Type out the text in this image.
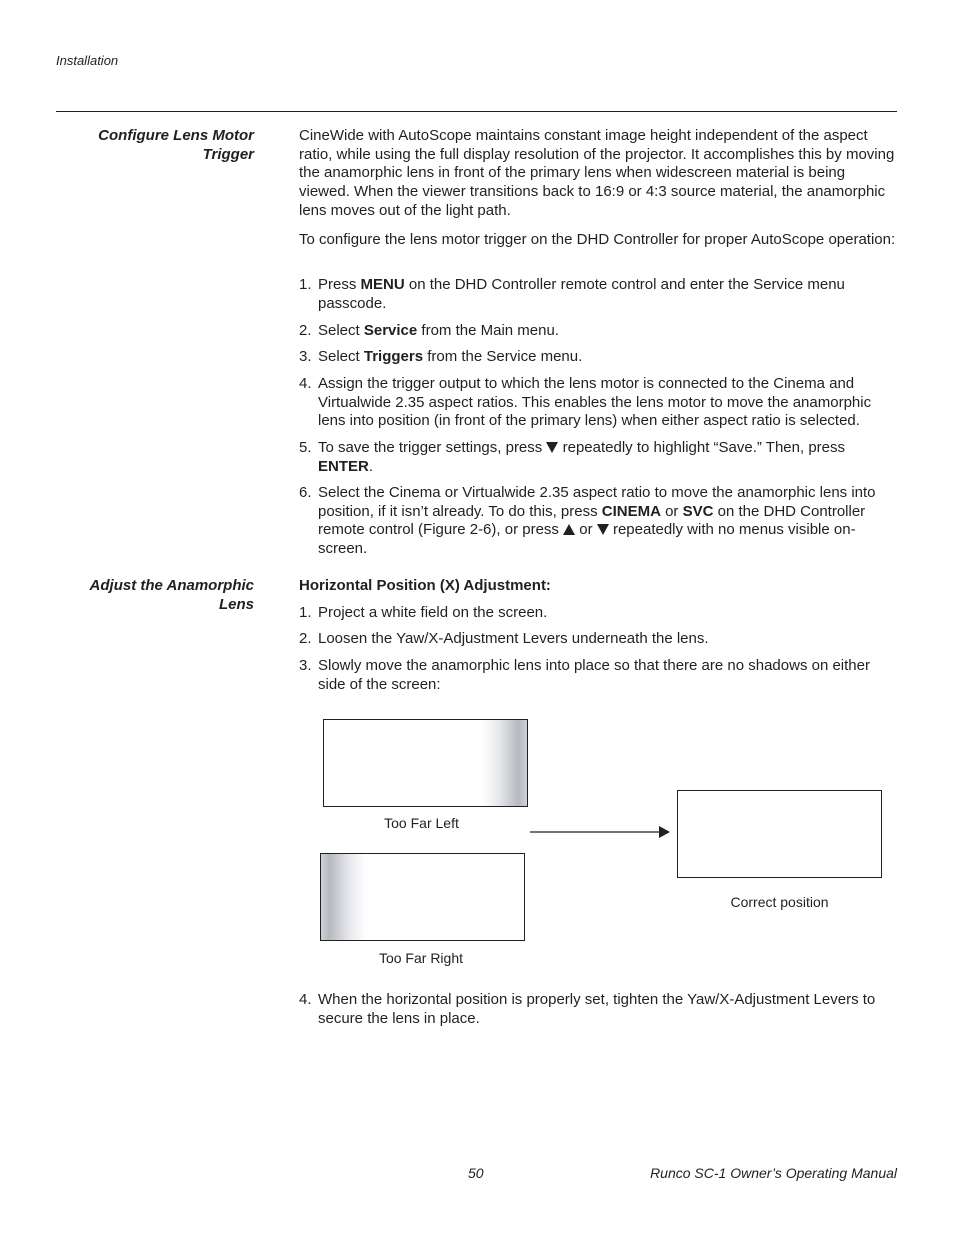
Installation
Configure Lens Motor
Trigger

CineWide with AutoScope maintains constant image height independent of the aspect ratio, while using the full display resolution of the projector. It accomplishes this by moving the anamorphic lens in front of the primary lens when widescreen material is being viewed. When the viewer transitions back to 16:9 or 4:3 source material, the anamorphic lens moves out of the light path.

To configure the lens motor trigger on the DHD Controller for proper AutoScope operation:

1. Press MENU on the DHD Controller remote control and enter the Service menu passcode.
2. Select Service from the Main menu.
3. Select Triggers from the Service menu.
4. Assign the trigger output to which the lens motor is connected to the Cinema and Virtualwide 2.35 aspect ratios. This enables the lens motor to move the anamorphic lens into position (in front of the primary lens) when either aspect ratio is selected.
5. To save the trigger settings, press  repeatedly to highlight “Save.” Then, press ENTER.
6. Select the Cinema or Virtualwide 2.35 aspect ratio to move the anamorphic lens into position, if it isn’t already. To do this, press CINEMA or SVC on the DHD Controller remote control (Figure 2-6), or press  or  repeatedly with no menus visible on-screen.
Adjust the Anamorphic
Lens
Horizontal Position (X) Adjustment:
1. Project a white field on the screen.
2. Loosen the Yaw/X-Adjustment Levers underneath the lens.
3. Slowly move the anamorphic lens into place so that there are no shadows on either side of the screen:
Too Far Left
Too Far Right
Correct position
4. When the horizontal position is properly set, tighten the Yaw/X-Adjustment Levers to secure the lens in place.
50	Runco SC-1 Owner’s Operating Manual
